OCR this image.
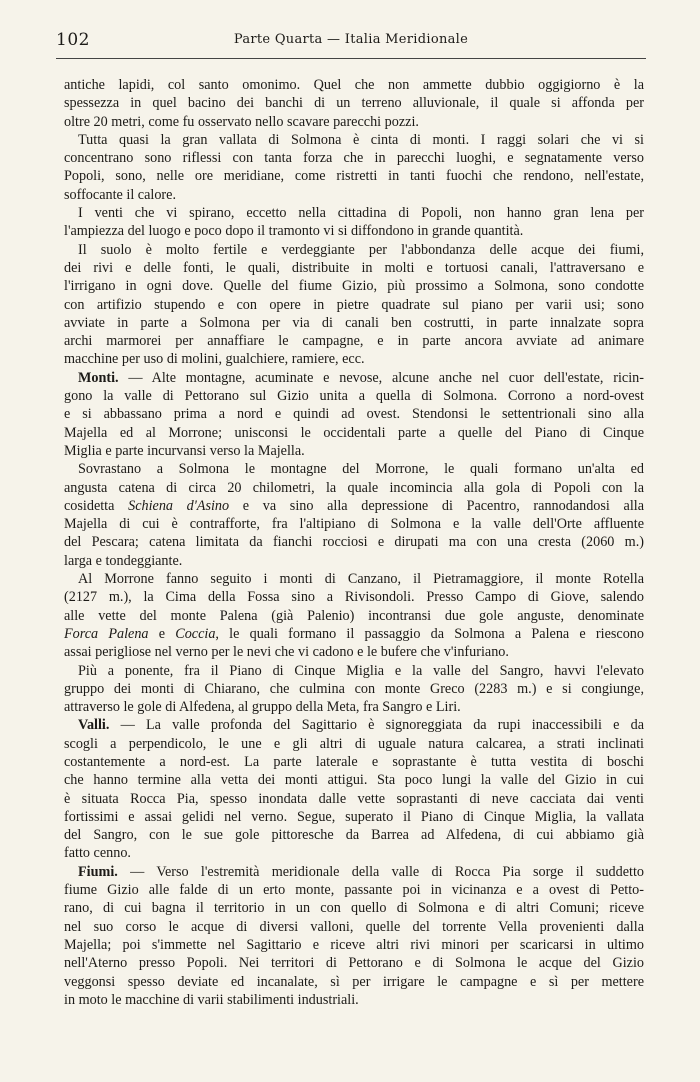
102	Parte Quarta — Italia Meridionale
antiche lapidi, col santo omonimo. Quel che non ammette dubbio oggigiorno è la
spessezza in quel bacino dei banchi di un terreno alluvionale, il quale si affonda per
oltre 20 metri, come fu osservato nello scavare parecchi pozzi.
Tutta quasi la gran vallata di Solmona è cinta di monti. I raggi solari che vi si
concentrano sono riflessi con tanta forza che in parecchi luoghi, e segnatamente verso
Popoli, sono, nelle ore meridiane, come ristretti in tanti fuochi che rendono, nell'estate,
soffocante il calore.
I venti che vi spirano, eccetto nella cittadina di Popoli, non hanno gran lena per
l'ampiezza del luogo e poco dopo il tramonto vi si diffondono in grande quantità.
Il suolo è molto fertile e verdeggiante per l'abbondanza delle acque dei fiumi,
dei rivi e delle fonti, le quali, distribuite in molti e tortuosi canali, l'attraversano e
l'irrigano in ogni dove. Quelle del fiume Gizio, più prossimo a Solmona, sono condotte
con artifizio stupendo e con opere in pietre quadrate sul piano per varii usi; sono
avviate in parte a Solmona per via di canali ben costrutti, in parte innalzate sopra
archi marmorei per annaffiare le campagne, e in parte ancora avviate ad animare
macchine per uso di molini, gualchiere, ramiere, ecc.
Monti. — Alte montagne, acuminate e nevose, alcune anche nel cuor dell'estate, ricin-
gono la valle di Pettorano sul Gizio unita a quella di Solmona. Corrono a nord-ovest
e si abbassano prima a nord e quindi ad ovest. Stendonsi le settentrionali sino alla
Majella ed al Morrone; unisconsi le occidentali parte a quelle del Piano di Cinque
Miglia e parte incurvansi verso la Majella.
Sovrastano a Solmona le montagne del Morrone, le quali formano un'alta ed
angusta catena di circa 20 chilometri, la quale incomincia alla gola di Popoli con la
cosidetta Schiena d'Asino e va sino alla depressione di Pacentro, rannodandosi alla
Majella di cui è contrafforte, fra l'altipiano di Solmona e la valle dell'Orte affluente
del Pescara; catena limitata da fianchi rocciosi e dirupati ma con una cresta (2060 m.)
larga e tondeggiante.
Al Morrone fanno seguito i monti di Canzano, il Pietramaggiore, il monte Rotella
(2127 m.), la Cima della Fossa sino a Rivisondoli. Presso Campo di Giove, salendo
alle vette del monte Palena (già Palenio) incontransi due gole anguste, denominate
Forca Palena e Coccia, le quali formano il passaggio da Solmona a Palena e riescono
assai perigliose nel verno per le nevi che vi cadono e le bufere che v'infuriano.
Più a ponente, fra il Piano di Cinque Miglia e la valle del Sangro, havvi l'elevato
gruppo dei monti di Chiarano, che culmina con monte Greco (2283 m.) e si congiunge,
attraverso le gole di Alfedena, al gruppo della Meta, fra Sangro e Liri.
Valli. — La valle profonda del Sagittario è signoreggiata da rupi inaccessibili e da
scogli a perpendicolo, le une e gli altri di uguale natura calcarea, a strati inclinati
costantemente a nord-est. La parte laterale e soprastante è tutta vestita di boschi
che hanno termine alla vetta dei monti attigui. Sta poco lungi la valle del Gizio in cui
è situata Rocca Pia, spesso inondata dalle vette soprastanti di neve cacciata dai venti
fortissimi e assai gelidi nel verno. Segue, superato il Piano di Cinque Miglia, la vallata
del Sangro, con le sue gole pittoresche da Barrea ad Alfedena, di cui abbiamo già
fatto cenno.
Fiumi. — Verso l'estremità meridionale della valle di Rocca Pia sorge il suddetto
fiume Gizio alle falde di un erto monte, passante poi in vicinanza e a ovest di Petto-
rano, di cui bagna il territorio in un con quello di Solmona e di altri Comuni; riceve
nel suo corso le acque di diversi valloni, quelle del torrente Vella provenienti dalla
Majella; poi s'immette nel Sagittario e riceve altri rivi minori per scaricarsi in ultimo
nell'Aterno presso Popoli. Nei territori di Pettorano e di Solmona le acque del Gizio
veggonsi spesso deviate ed incanalate, sì per irrigare le campagne e sì per mettere
in moto le macchine di varii stabilimenti industriali.
